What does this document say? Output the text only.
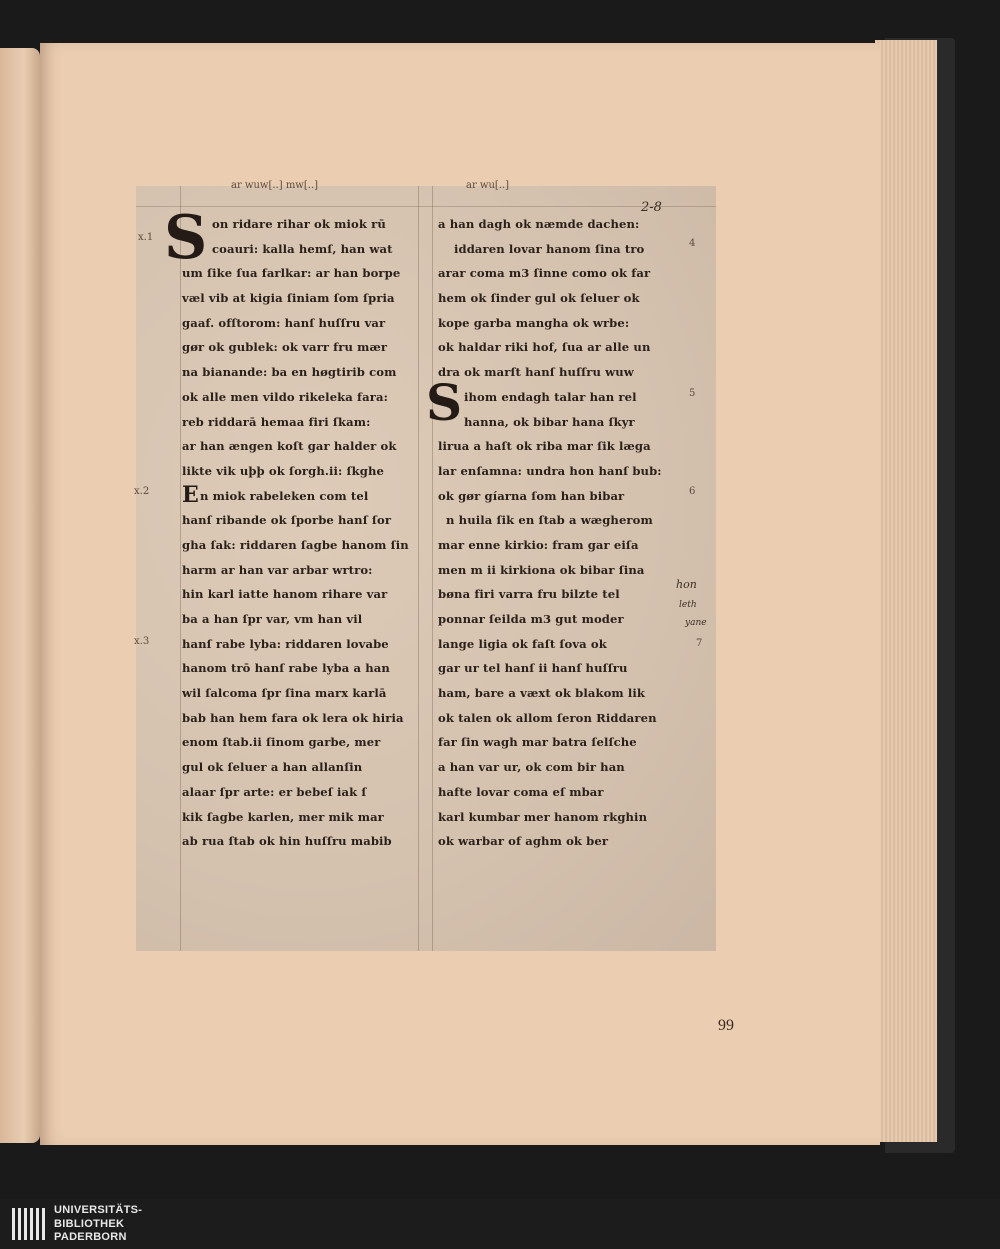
ar wuw[..] mw[..]	ar wu[..]
2-8
S
S
E
x.1
x.2
x.3
on ridare rihar ok miok rū
coauri: kalla hemſ, han wat
um ſike ſua farlkar: ar han borpe
væl vib at kigia ſiniam ſom ſpria
gaaf. ofſtorom: hanſ huſſru var
gør ok gublek: ok varr fru mær
na bianande: ba en høgtirib com
ok alle men vildo rikeleka fara:
reb riddarā hemaa firi ſkam:
ar han ængen koſt gar halder ok
likte vik uþþ ok ſorgh.ii: ſkghe
n miok rabeleken com tel
hanſ ribande ok ſporbe hanſ ſor
gha ſak: riddaren ſagbe hanom ſin
harm ar han var arbar wrtro:
hin karl iatte hanom rihare var
ba a han ſpr var, vm han vil
hanſ rabe lyba: riddaren lovabe
hanom trō hanſ rabe lyba a han
wil ſalcoma ſpr ſina marx karlā
bab han hem fara ok lera ok hiria
enom ſtab.ii ſinom garbe, mer
gul ok ſeluer a han allanſin
alaar ſpr arte: er bebeſ iak ſ
kik ſagbe karlen, mer mik mar
ab rua ſtab ok hin huſſru mabib
a han dagh ok næmde dachen:
iddaren lovar hanom ſina tro
arar coma m3 ſinne como ok far
hem ok ſinder gul ok ſeluer ok
kope garba mangha ok wrbe:
ok haldar riki hof, ſua ar alle un
dra ok marſt hanſ huſſru wuw
ihom endagh talar han rel
hanna, ok bibar hana ſkyr
lirua a haſt ok riba mar ſik læga
lar enſamna: undra hon hanſ bub:
ok gør gíarna ſom han bibar
n huila ſik en ſtab a wægherom
mar enne kirkio: fram gar eiſa
men m ii kirkiona ok bibar ſina
bøna firi varra fru bilzte tel
ponnar ſeilda m3 gut moder
lange ligia ok faſt ſova ok
gar ur tel hanſ ii hanſ huſſru
ham, bare a væxt ok blakom lik
ok talen ok allom ſeron Riddaren
far ſin wagh mar batra ſelſche
a han var ur, ok com bir han
hafte lovar coma eſ mbar
karl kumbar mer hanom rkghin
ok warbar of aghm ok ber
4
5
6
7
hon
leth
yane
99
UNIVERSITÄTS-
BIBLIOTHEK
PADERBORN
